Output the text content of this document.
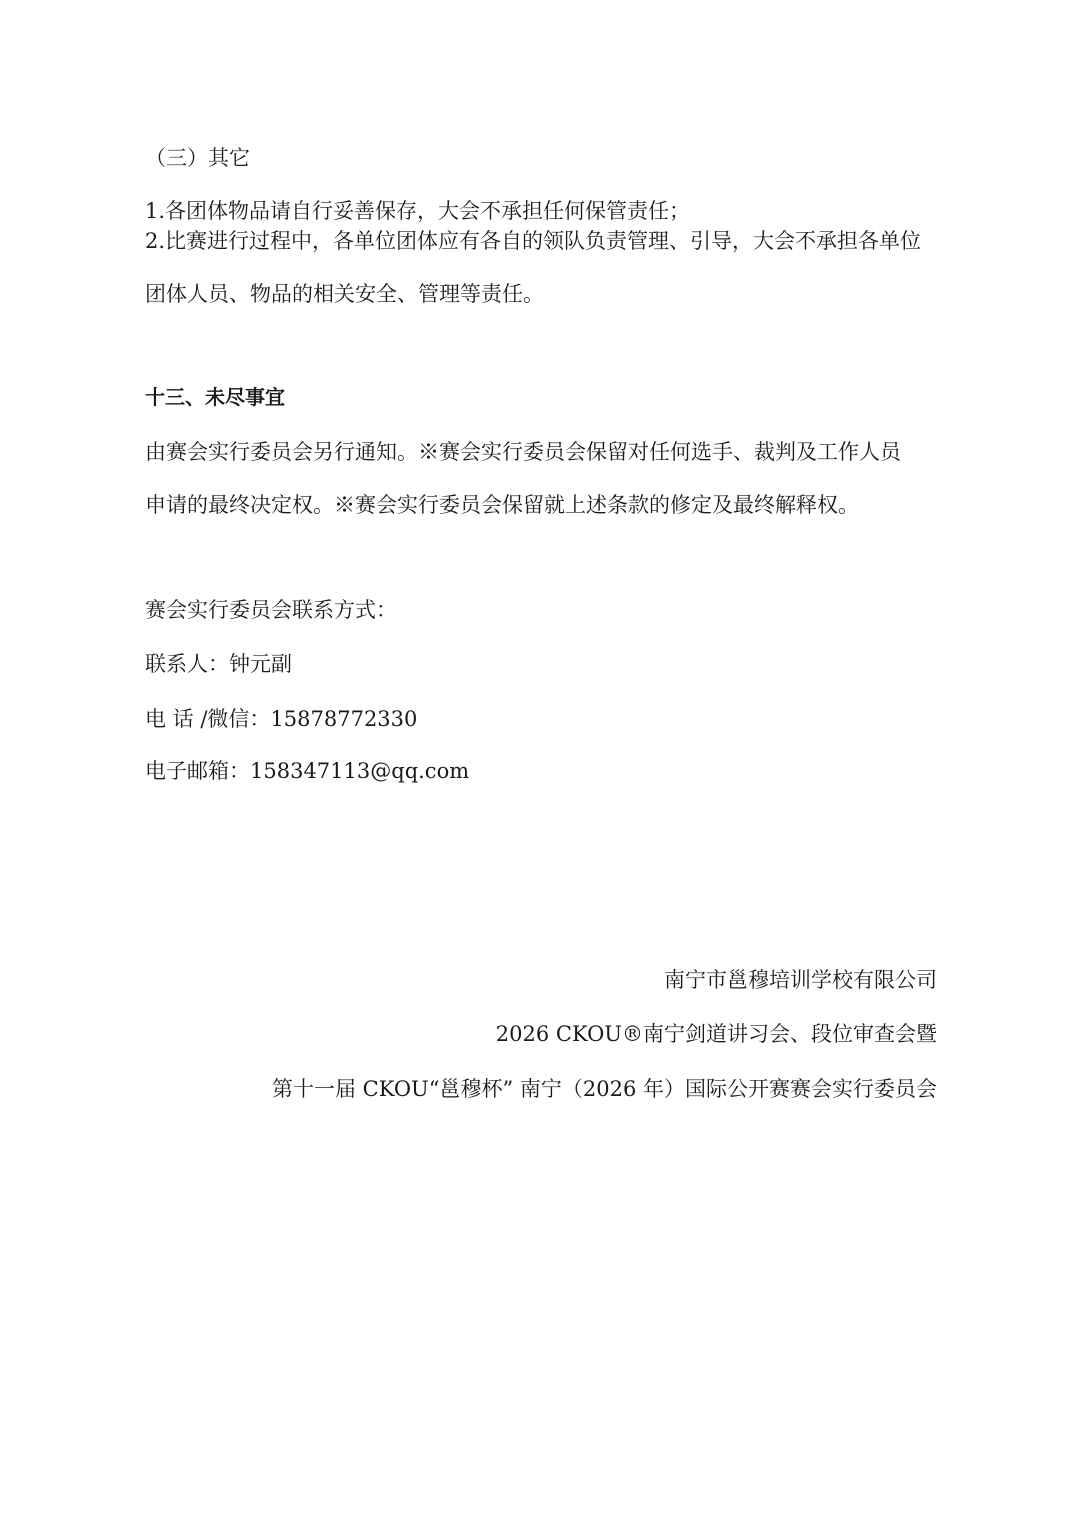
（三）其它
1.各团体物品请自行妥善保存，大会不承担任何保管责任；
2.比赛进行过程中，各单位团体应有各自的领队负责管理、引导，大会不承担各单位
团体人员、物品的相关安全、管理等责任。
十三、未尽事宜
由赛会实行委员会另行通知。※赛会实行委员会保留对任何选手、裁判及工作人员
申请的最终决定权。※赛会实行委员会保留就上述条款的修定及最终解释权。
赛会实行委员会联系方式：
联系人：钟元副
电 话 /微信：15878772330
电子邮箱：158347113@qq.com
南宁市邕穆培训学校有限公司
2026 CKOU®南宁剑道讲习会、段位审查会暨
第十一届 CKOU“邕穆杯” 南宁（2026 年）国际公开赛赛会实行委员会
